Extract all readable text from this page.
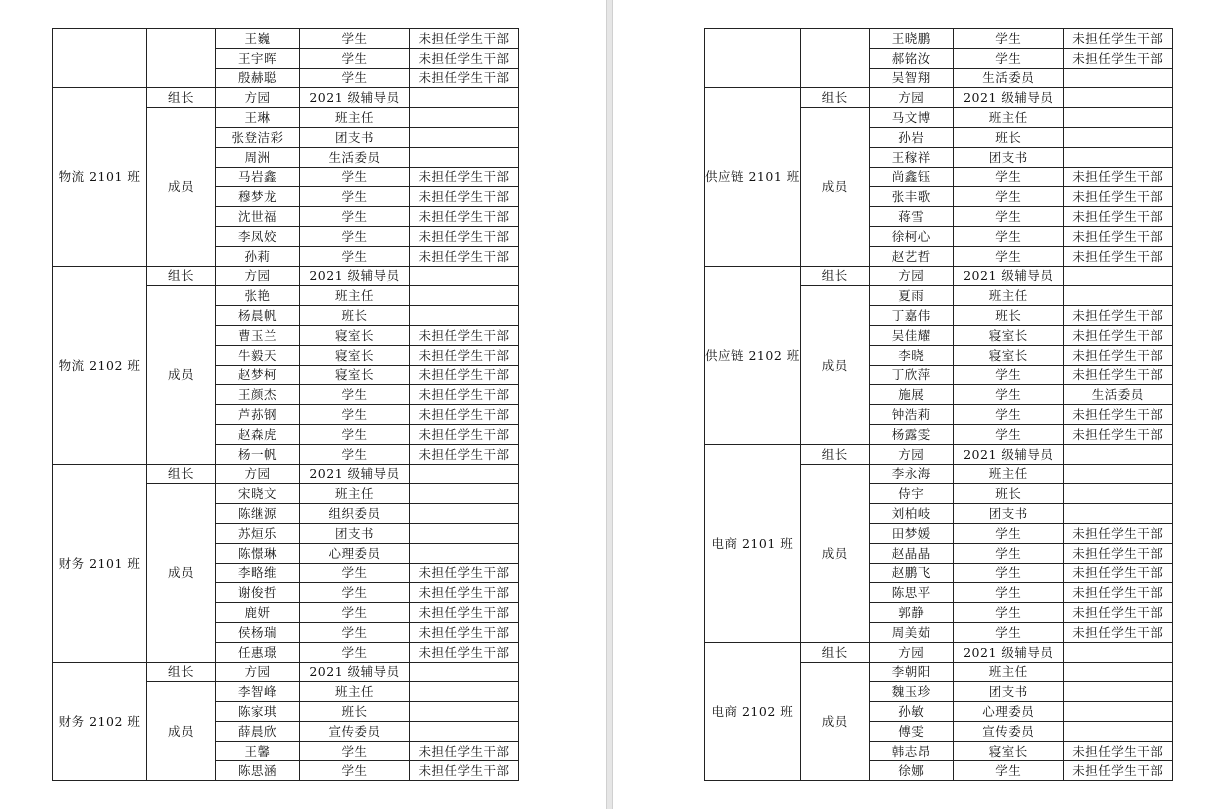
		王巍	学生	未担任学生干部
		王宇晖	学生	未担任学生干部
		殷赫聪	学生	未担任学生干部
物流 2101 班	组长	方园	2021 级辅导员	
	成员	王琳	班主任	
		张登洁彩	团支书	
		周洲	生活委员	
		马岩鑫	学生	未担任学生干部
		穆梦龙	学生	未担任学生干部
		沈世福	学生	未担任学生干部
		李凤姣	学生	未担任学生干部
		孙莉	学生	未担任学生干部
物流 2102 班	组长	方园	2021 级辅导员	
	成员	张艳	班主任	
		杨晨帆	班长	
		曹玉兰	寝室长	未担任学生干部
		牛毅天	寝室长	未担任学生干部
		赵梦柯	寝室长	未担任学生干部
		王颜杰	学生	未担任学生干部
		芦荪钢	学生	未担任学生干部
		赵森虎	学生	未担任学生干部
		杨一帆	学生	未担任学生干部
财务 2101 班	组长	方园	2021 级辅导员	
	成员	宋晓文	班主任	
		陈继源	组织委员	
		苏烜乐	团支书	
		陈憬琳	心理委员	
		李略维	学生	未担任学生干部
		谢俊哲	学生	未担任学生干部
		鹿妍	学生	未担任学生干部
		侯杨瑞	学生	未担任学生干部
		任惠璟	学生	未担任学生干部
财务 2102 班	组长	方园	2021 级辅导员	
	成员	李智峰	班主任	
		陈家琪	班长	
		薛晨欣	宣传委员	
		王馨	学生	未担任学生干部
		陈思涵	学生	未担任学生干部
		王晓鹏	学生	未担任学生干部
		郝铭汝	学生	未担任学生干部
		吴智翔	生活委员	
供应链 2101 班	组长	方园	2021 级辅导员	
	成员	马文博	班主任	
		孙岩	班长	
		王稼祥	团支书	
		尚鑫钰	学生	未担任学生干部
		张丰歌	学生	未担任学生干部
		蒋雪	学生	未担任学生干部
		徐柯心	学生	未担任学生干部
		赵艺哲	学生	未担任学生干部
供应链 2102 班	组长	方园	2021 级辅导员	
	成员	夏雨	班主任	
		丁嘉伟	班长	未担任学生干部
		吴佳耀	寝室长	未担任学生干部
		李晓	寝室长	未担任学生干部
		丁欣萍	学生	未担任学生干部
		施展	学生	生活委员
		钟浩莉	学生	未担任学生干部
		杨露雯	学生	未担任学生干部
电商 2101 班	组长	方园	2021 级辅导员	
	成员	李永海	班主任	
		侍宇	班长	
		刘柏岐	团支书	
		田梦媛	学生	未担任学生干部
		赵晶晶	学生	未担任学生干部
		赵鹏飞	学生	未担任学生干部
		陈思平	学生	未担任学生干部
		郭静	学生	未担任学生干部
		周美茹	学生	未担任学生干部
电商 2102 班	组长	方园	2021 级辅导员	
	成员	李朝阳	班主任	
		魏玉珍	团支书	
		孙敏	心理委员	
		傅雯	宣传委员	
		韩志昂	寝室长	未担任学生干部
		徐娜	学生	未担任学生干部
